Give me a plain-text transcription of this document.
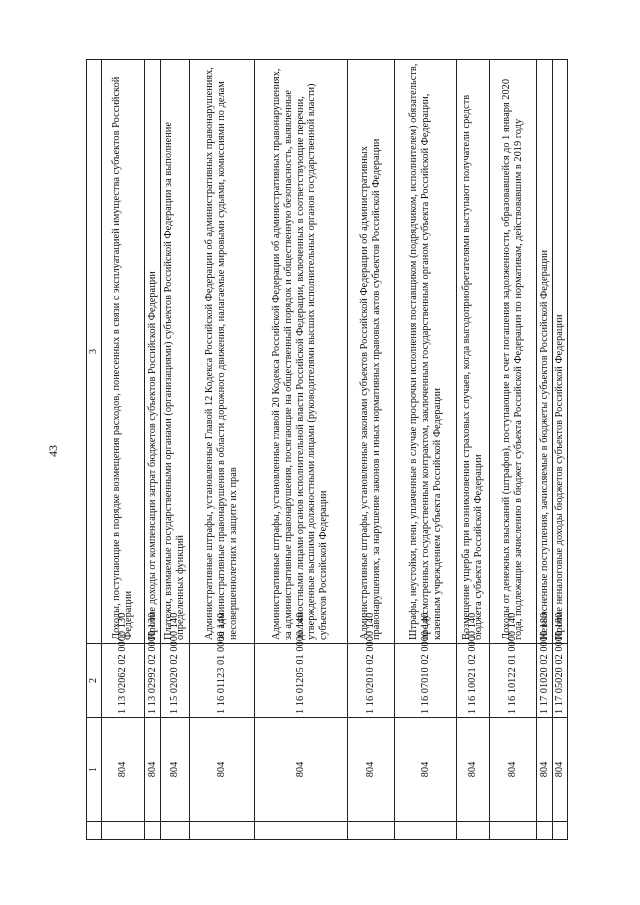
43
	1	2	3
	804	1 13 02062 02 0000 130	Доходы, поступающие в порядке возмещения расходов, понесенных в связи с эксплуатацией имущества субъектов Российской Федерации
	804	1 13 02992 02 0000 130	Прочие доходы от компенсации затрат бюджетов субъектов Российской Федерации
	804	1 15 02020 02 0000 140	Платежи, взимаемые государственными органами (организациями) субъектов Российской Федерации за выполнение определенных функций
	804	1 16 01123 01 0000 140	Административные штрафы, установленные Главой 12 Кодекса Российской Федерации об административных правонарушениях, за административные правонарушения в области дорожного движения, налагаемые мировыми судьями, комиссиями по делам несовершеннолетних и защите их прав
	804	1 16 01205 01 0000 140	Административные штрафы, установленные главой 20 Кодекса Российской Федерации об административных правонарушениях, за административные правонарушения, посягающие на общественный порядок и общественную безопасность, выявленные должностными лицами органов исполнительной власти Российской Федерации, включенных в соответствующие перечни, утвержденные высшими должностными лицами (руководителями высших исполнительных органов государственной власти) субъектов Российской Федерации
	804	1 16 02010 02 0000 140	Административные штрафы, установленные законами субъектов Российской Федерации об административных правонарушениях, за нарушение законов и иных нормативных правовых актов субъектов Российской Федерации
	804	1 16 07010 02 0000 140	Штрафы, неустойки, пени, уплаченные в случае просрочки исполнения поставщиком (подрядчиком, исполнителем) обязательств, предусмотренных государственным контрактом, заключенным государственным органом субъекта Российской Федерации, казенным учреждением субъекта Российской Федерации
	804	1 16 10021 02 0000 140	Возмещение ущерба при возникновении страховых случаев, когда выгодоприобретателями выступают получатели средств бюджета субъекта Российской Федерации
	804	1 16 10122 01 0000 140	Доходы от денежных взысканий (штрафов), поступающие в счет погашения задолженности, образовавшейся до 1 января 2020 года, подлежащие зачислению в бюджет субъекта Российской Федерации по нормативам, действовавшим в 2019 году
	804	1 17 01020 02 0000 180	Невыясненные поступления, зачисляемые в бюджеты субъектов Российской Федерации
	804	1 17 05020 02 0000 180	Прочие неналоговые доходы бюджетов субъектов Российской Федерации
